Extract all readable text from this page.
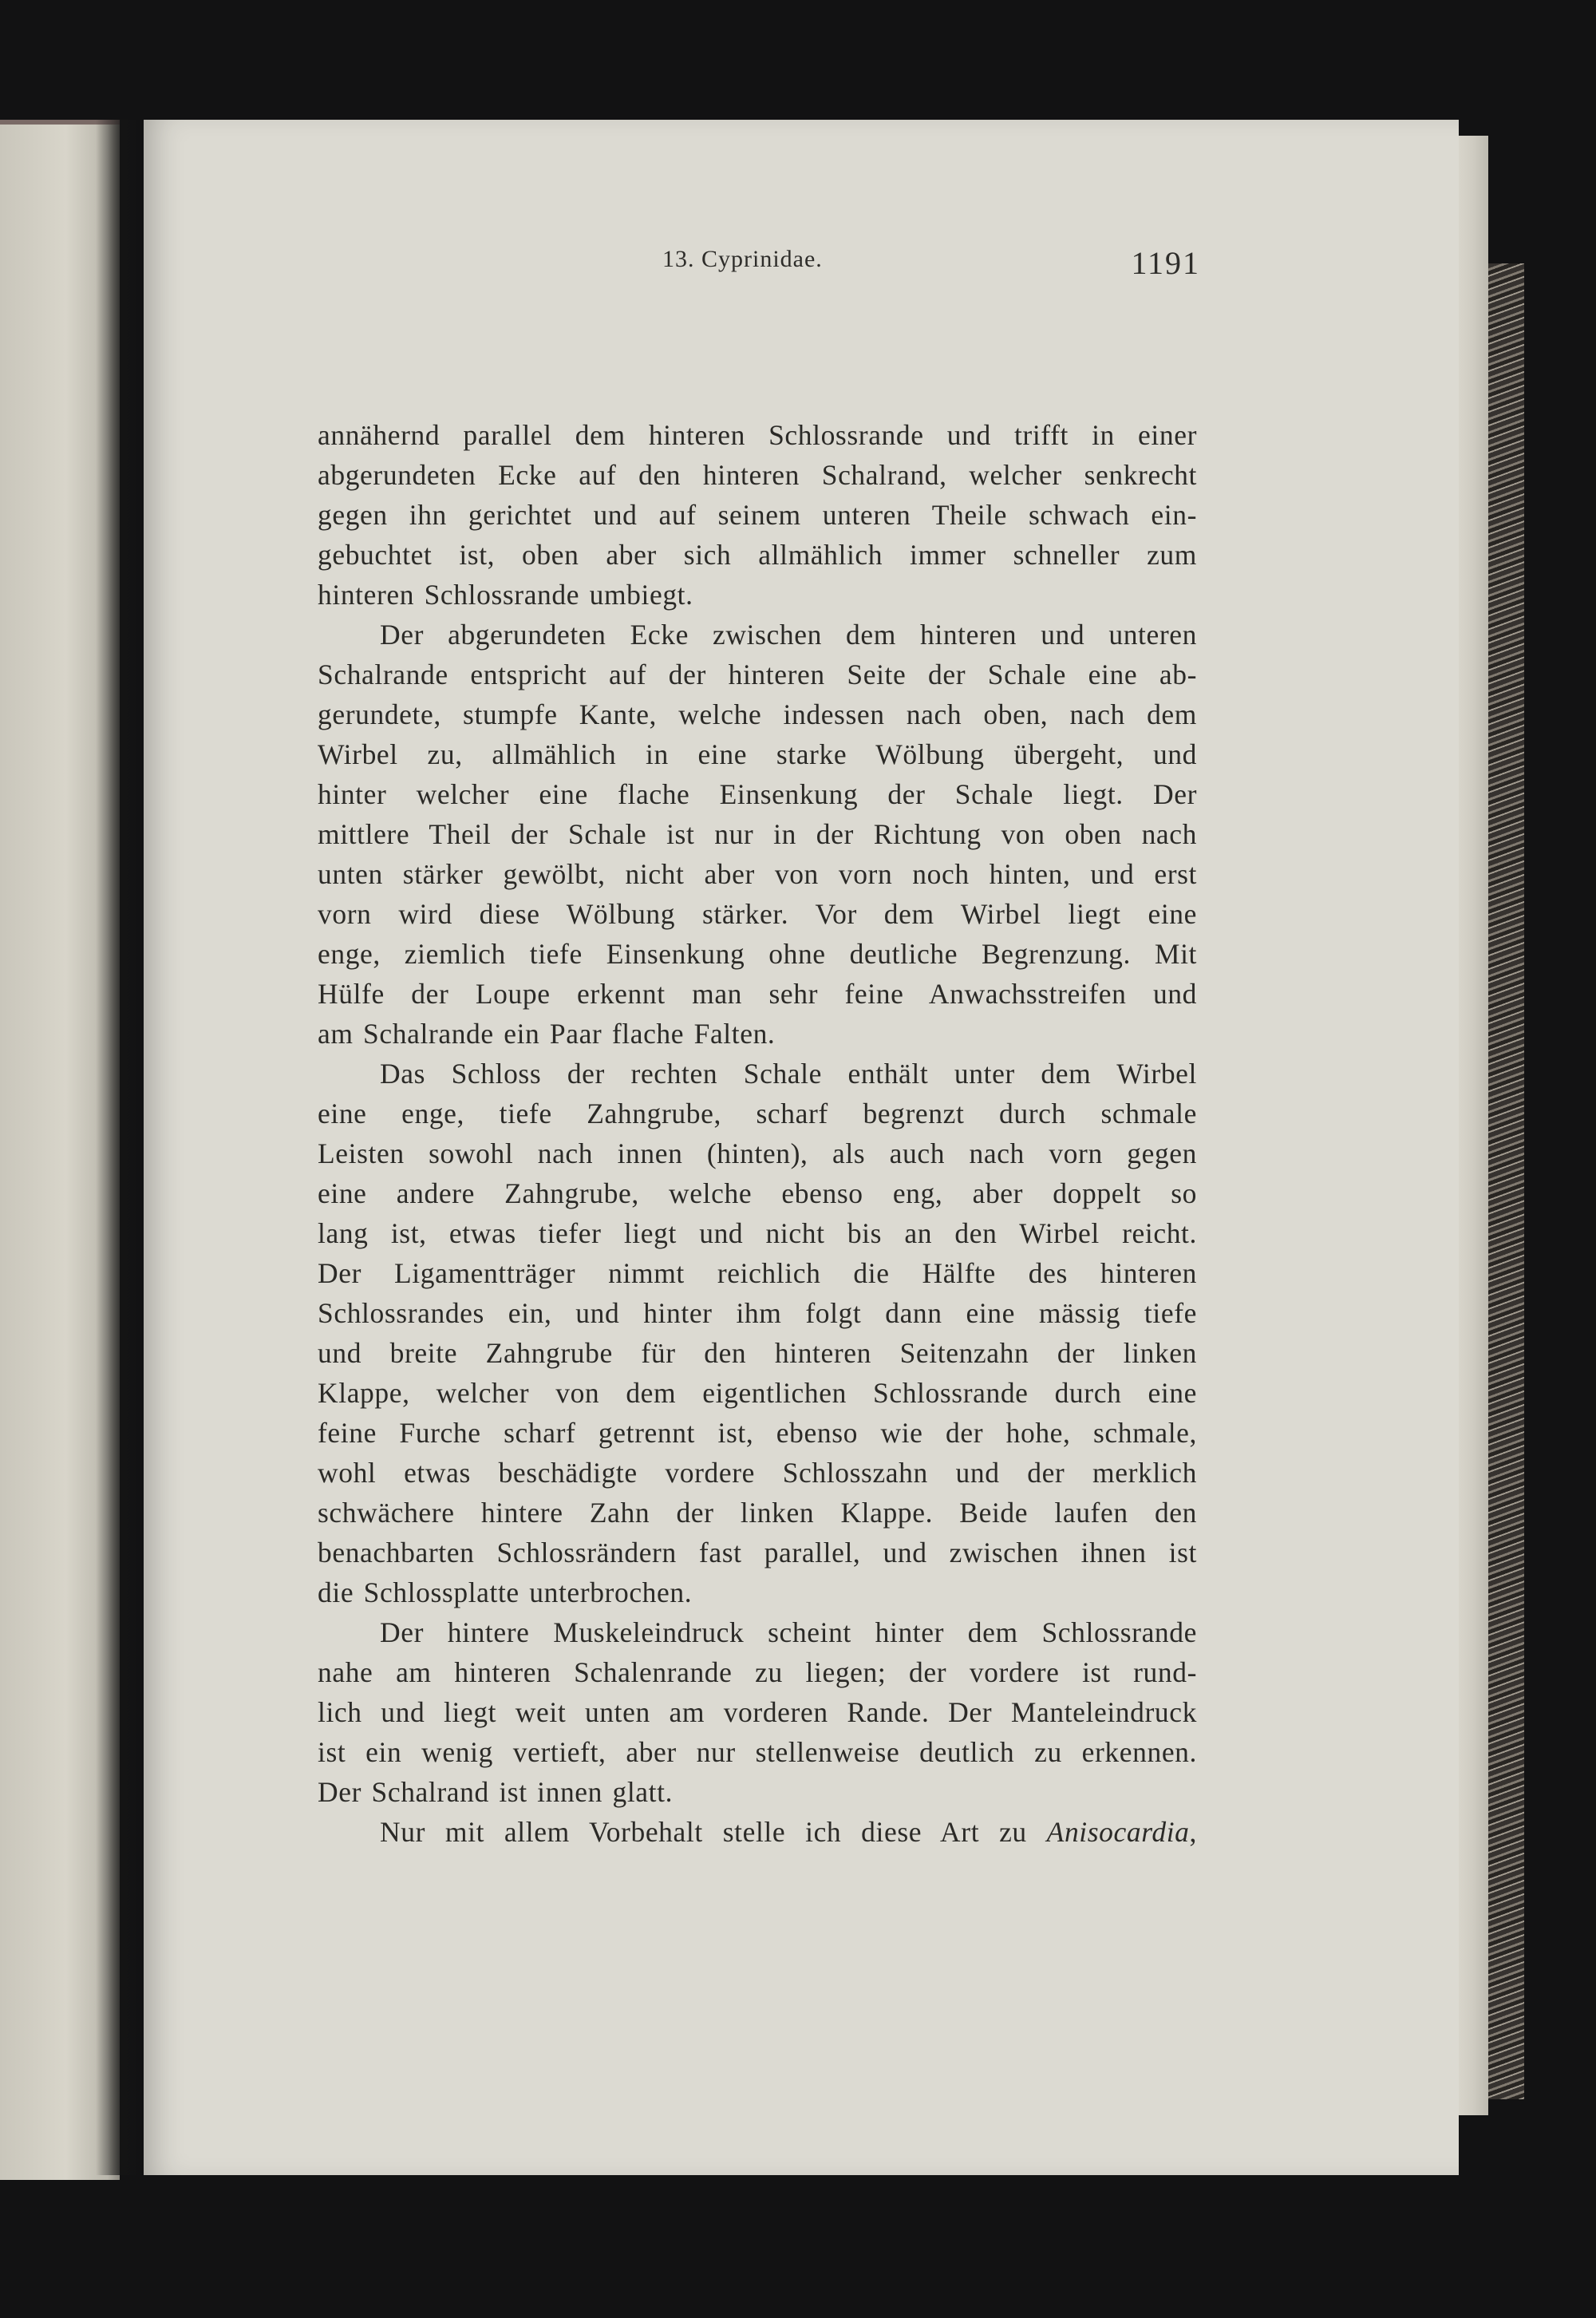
13. Cyprinidae.	1191
annähernd parallel dem hinteren Schlossrande und trifft in einer
abgerundeten Ecke auf den hinteren Schalrand, welcher senkrecht
gegen ihn gerichtet und auf seinem unteren Theile schwach ein-
gebuchtet ist, oben aber sich allmählich immer schneller zum
hinteren Schlossrande umbiegt.
Der abgerundeten Ecke zwischen dem hinteren und unteren
Schalrande entspricht auf der hinteren Seite der Schale eine ab-
gerundete, stumpfe Kante, welche indessen nach oben, nach dem
Wirbel zu, allmählich in eine starke Wölbung übergeht, und
hinter welcher eine flache Einsenkung der Schale liegt. Der
mittlere Theil der Schale ist nur in der Richtung von oben nach
unten stärker gewölbt, nicht aber von vorn noch hinten, und erst
vorn wird diese Wölbung stärker. Vor dem Wirbel liegt eine
enge, ziemlich tiefe Einsenkung ohne deutliche Begrenzung. Mit
Hülfe der Loupe erkennt man sehr feine Anwachsstreifen und
am Schalrande ein Paar flache Falten.
Das Schloss der rechten Schale enthält unter dem Wirbel
eine enge, tiefe Zahngrube, scharf begrenzt durch schmale
Leisten sowohl nach innen (hinten), als auch nach vorn gegen
eine andere Zahngrube, welche ebenso eng, aber doppelt so
lang ist, etwas tiefer liegt und nicht bis an den Wirbel reicht.
Der Ligamentträger nimmt reichlich die Hälfte des hinteren
Schlossrandes ein, und hinter ihm folgt dann eine mässig tiefe
und breite Zahngrube für den hinteren Seitenzahn der linken
Klappe, welcher von dem eigentlichen Schlossrande durch eine
feine Furche scharf getrennt ist, ebenso wie der hohe, schmale,
wohl etwas beschädigte vordere Schlosszahn und der merklich
schwächere hintere Zahn der linken Klappe. Beide laufen den
benachbarten Schlossrändern fast parallel, und zwischen ihnen ist
die Schlossplatte unterbrochen.
Der hintere Muskeleindruck scheint hinter dem Schlossrande
nahe am hinteren Schalenrande zu liegen; der vordere ist rund-
lich und liegt weit unten am vorderen Rande. Der Manteleindruck
ist ein wenig vertieft, aber nur stellenweise deutlich zu erkennen.
Der Schalrand ist innen glatt.
Nur mit allem Vorbehalt stelle ich diese Art zu Anisocardia,
